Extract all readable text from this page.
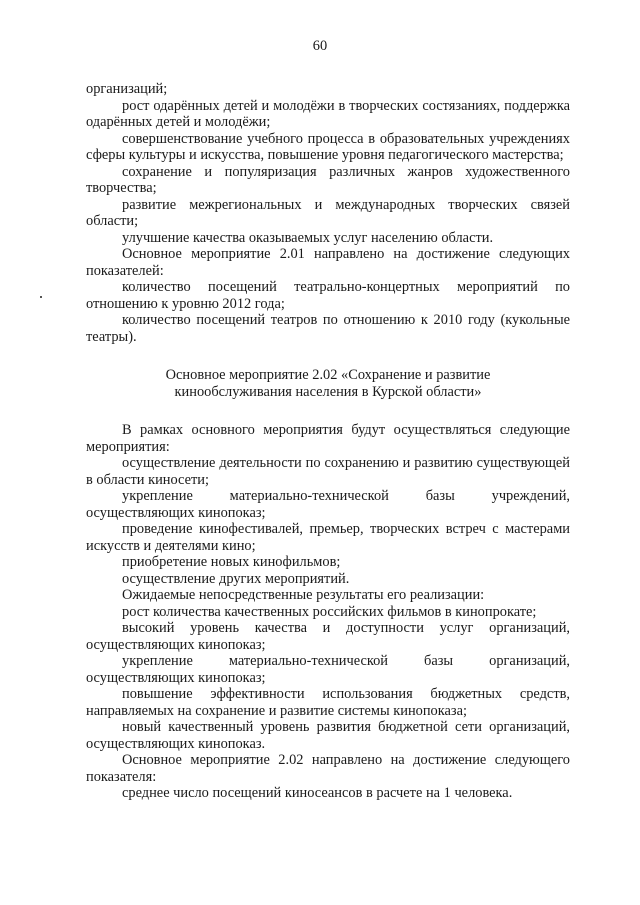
60
организаций;
рост одарённых детей и молодёжи в творческих состязаниях, поддержка одарённых детей и молодёжи;
совершенствование учебного процесса в образовательных учреждениях сферы культуры и искусства, повышение уровня педагогического мастерства;
сохранение и популяризация различных жанров художественного творчества;
развитие межрегиональных и международных творческих связей области;
улучшение качества оказываемых услуг населению области.
Основное мероприятие 2.01 направлено на достижение следующих показателей:
количество посещений театрально-концертных мероприятий по отношению к уровню 2012 года;
количество посещений театров по отношению к 2010 году (кукольные театры).
Основное мероприятие 2.02 «Сохранение и развитие
кинообслуживания населения в Курской области»
В рамках основного мероприятия будут осуществляться следующие мероприятия:
осуществление деятельности по сохранению и развитию существующей в области киносети;
укрепление материально-технической базы учреждений, осуществляющих кинопоказ;
проведение кинофестивалей, премьер, творческих встреч с мастерами искусств и деятелями кино;
приобретение новых кинофильмов;
осуществление других мероприятий.
Ожидаемые непосредственные результаты его реализации:
рост количества качественных российских фильмов в кинопрокате;
высокий уровень качества и доступности услуг организаций, осуществляющих кинопоказ;
укрепление материально-технической базы организаций, осуществляющих кинопоказ;
повышение эффективности использования бюджетных средств, направляемых на сохранение и развитие системы кинопоказа;
новый качественный уровень развития бюджетной сети организаций, осуществляющих кинопоказ.
Основное мероприятие 2.02 направлено на достижение следующего показателя:
среднее число посещений киносеансов в расчете на 1 человека.
